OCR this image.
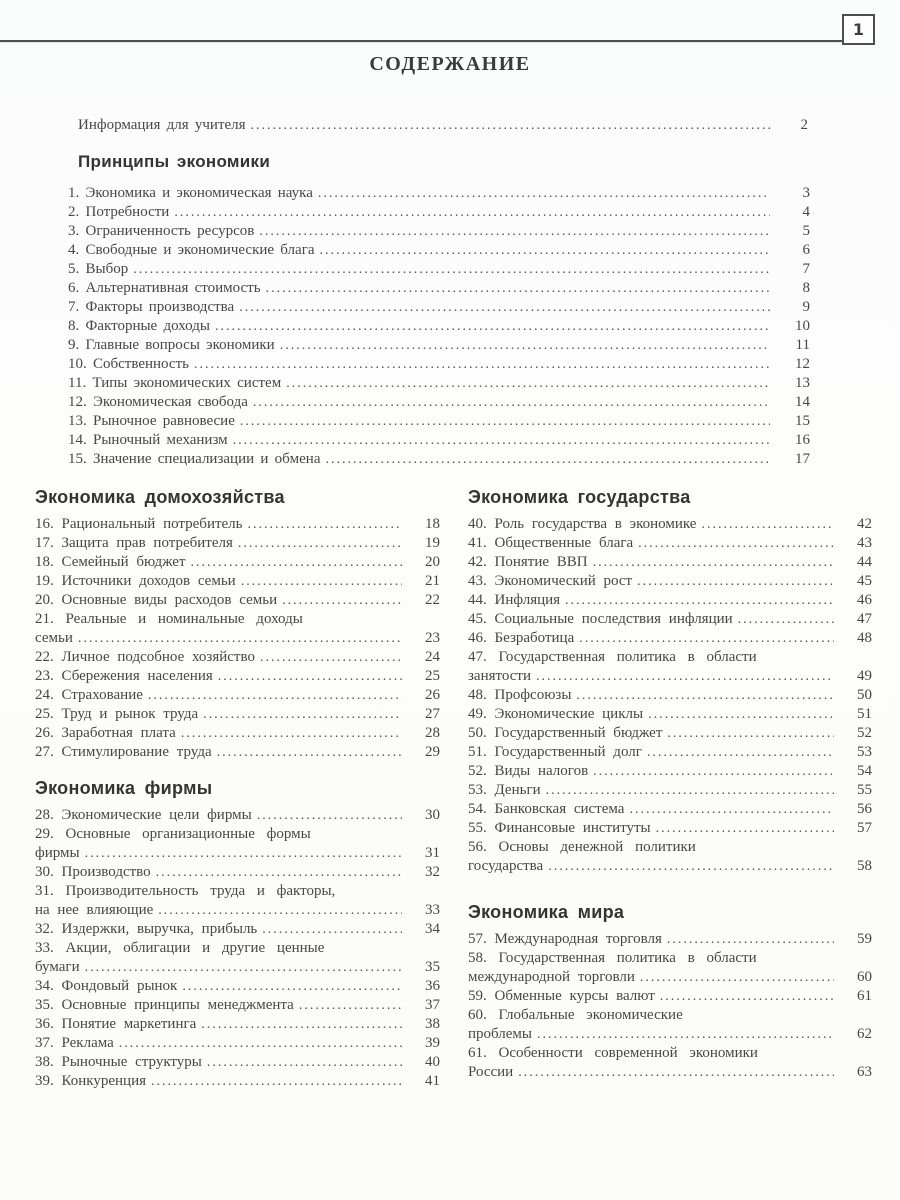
1
СОДЕРЖАНИЕ
Информация для учителя .....	2
Принципы экономики
1. Экономика и экономическая наука .....	3
2. Потребности .....	4
3. Ограниченность ресурсов .....	5
4. Свободные и экономические блага .....	6
5. Выбор .....	7
6. Альтернативная стоимость .....	8
7. Факторы производства .....	9
8. Факторные доходы .....	10
9. Главные вопросы экономики .....	11
10. Собственность .....	12
11. Типы экономических систем .....	13
12. Экономическая свобода .....	14
13. Рыночное равновесие .....	15
14. Рыночный механизм .....	16
15. Значение специализации и обмена .....	17
Экономика домохозяйства
16. Рациональный потребитель .....	18
17. Защита прав потребителя .....	19
18. Семейный бюджет .....	20
19. Источники доходов семьи .....	21
20. Основные виды расходов семьи .....	22
21. Реальные и номинальные доходы
семьи .....	23
22. Личное подсобное хозяйство .....	24
23. Сбережения населения .....	25
24. Страхование .....	26
25. Труд и рынок труда .....	27
26. Заработная плата .....	28
27. Стимулирование труда .....	29
Экономика фирмы
28. Экономические цели фирмы .....	30
29. Основные организационные формы
фирмы .....	31
30. Производство .....	32
31. Производительность труда и факторы,
на нее влияющие .....	33
32. Издержки, выручка, прибыль .....	34
33. Акции, облигации и другие ценные
бумаги .....	35
34. Фондовый рынок .....	36
35. Основные принципы менеджмента .....	37
36. Понятие маркетинга .....	38
37. Реклама .....	39
38. Рыночные структуры .....	40
39. Конкуренция .....	41
Экономика государства
40. Роль государства в экономике .....	42
41. Общественные блага .....	43
42. Понятие ВВП .....	44
43. Экономический рост .....	45
44. Инфляция .....	46
45. Социальные последствия инфляции .....	47
46. Безработица .....	48
47. Государственная политика в области
занятости .....	49
48. Профсоюзы .....	50
49. Экономические циклы .....	51
50. Государственный бюджет .....	52
51. Государственный долг .....	53
52. Виды налогов .....	54
53. Деньги .....	55
54. Банковская система .....	56
55. Финансовые институты .....	57
56. Основы денежной политики
государства .....	58
Экономика мира
57. Международная торговля .....	59
58. Государственная политика в области
международной торговли .....	60
59. Обменные курсы валют .....	61
60. Глобальные экономические
проблемы .....	62
61. Особенности современной экономики
России .....	63
